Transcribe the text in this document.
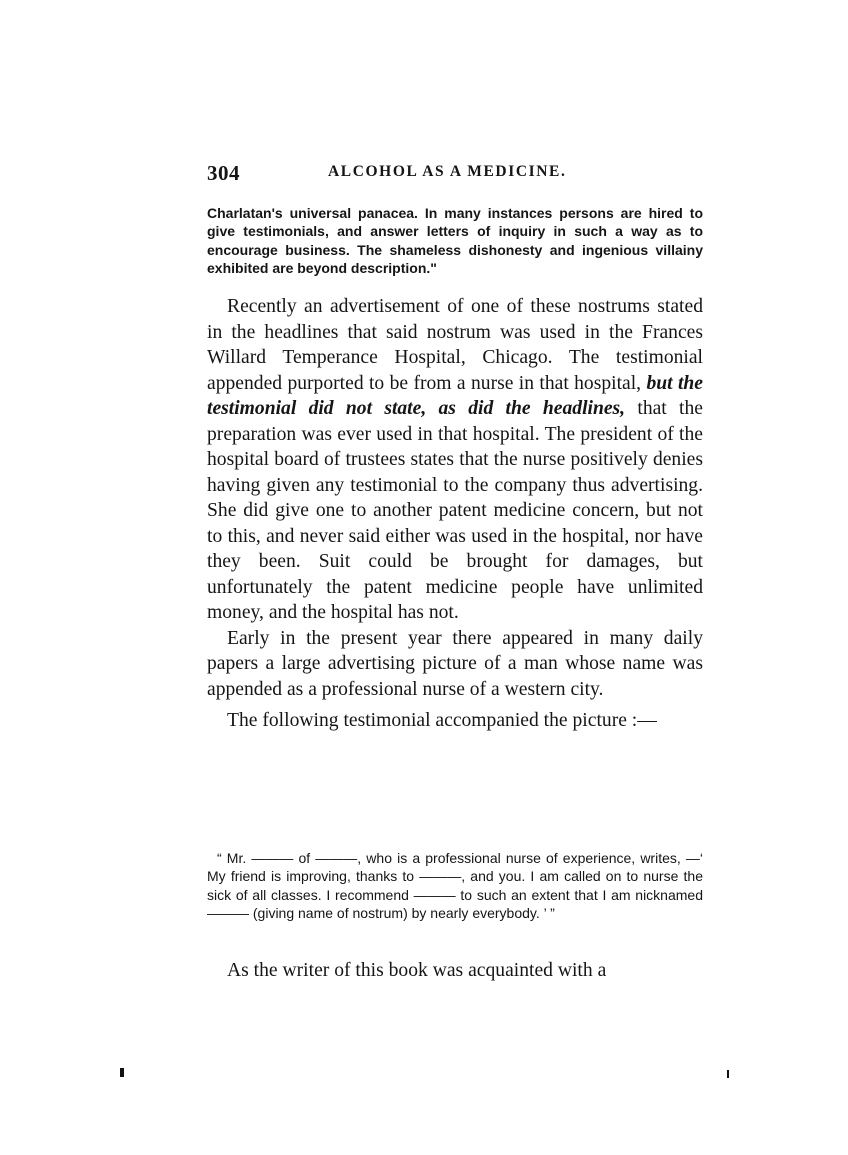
304	ALCOHOL AS A MEDICINE.

Charlatan's universal panacea. In many instances persons are hired to give testimonials, and answer letters of inquiry in such a way as to encourage business. The shameless dishonesty and ingenious villainy exhibited are beyond description."

Recently an advertisement of one of these nostrums stated in the headlines that said nostrum was used in the Frances Willard Temperance Hospital, Chicago. The testimonial appended purported to be from a nurse in that hospital, but the testimonial did not state, as did the headlines, that the preparation was ever used in that hospital. The president of the hospital board of trustees states that the nurse positively denies having given any testimonial to the company thus advertising. She did give one to another patent medicine concern, but not to this, and never said either was used in the hospital, nor have they been. Suit could be brought for damages, but unfortunately the patent medicine people have unlimited money, and the hospital has not.

Early in the present year there appeared in many daily papers a large advertising picture of a man whose name was appended as a professional nurse of a western city.

The following testimonial accompanied the picture :—

“ Mr. ——— of ———, who is a professional nurse of experience, writes, —‘ My friend is improving, thanks to ———, and you. I am called on to nurse the sick of all classes. I recommend ——— to such an extent that I am nicknamed ——— (giving name of nostrum) by nearly everybody. ’ ”

As the writer of this book was acquainted with a
